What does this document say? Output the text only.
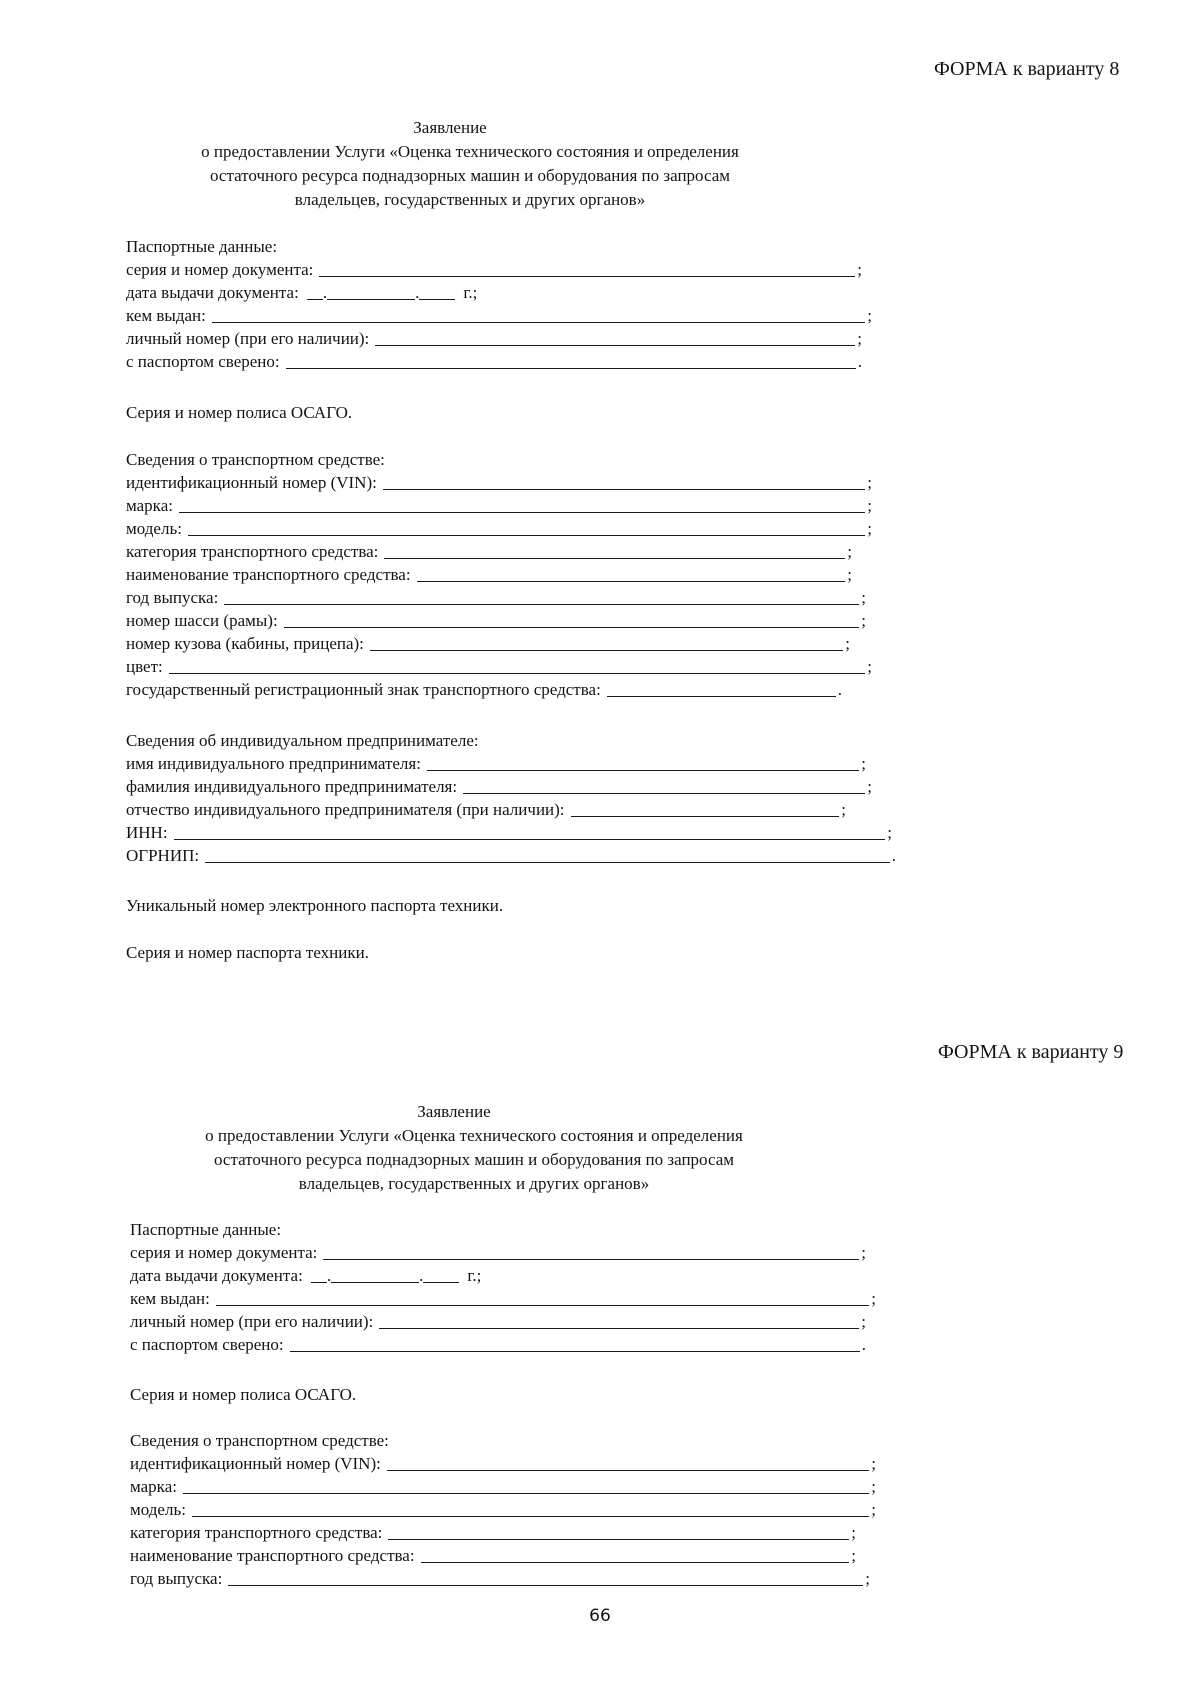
ФОРМА к варианту 8
Заявление
о предоставлении Услуги «Оценка технического состояния и определения
остаточного ресурса поднадзорных машин и оборудования по запросам
владельцев, государственных и других органов»
Паспортные данные:
серия и номер документа:	;
дата выдачи документа: .	.	г.;
кем выдан:	;
личный номер (при его наличии):	;
с паспортом сверено:	.
Серия и номер полиса ОСАГО.
Сведения о транспортном средстве:
идентификационный номер (VIN):	;
марка:	;
модель:	;
категория транспортного средства:	;
наименование транспортного средства:	;
год выпуска:	;
номер шасси (рамы):	;
номер кузова (кабины, прицепа):	;
цвет:	;
государственный регистрационный знак транспортного средства:	.
Сведения об индивидуальном предпринимателе:
имя индивидуального предпринимателя:	;
фамилия индивидуального предпринимателя:	;
отчество индивидуального предпринимателя (при наличии):	;
ИНН:	;
ОГРНИП:	.
Уникальный номер электронного паспорта техники.
Серия и номер паспорта техники.
ФОРМА к варианту 9
Заявление
о предоставлении Услуги «Оценка технического состояния и определения
остаточного ресурса поднадзорных машин и оборудования по запросам
владельцев, государственных и других органов»
Паспортные данные:
серия и номер документа:	;
дата выдачи документа: .	.	г.;
кем выдан:	;
личный номер (при его наличии):	;
с паспортом сверено:	.
Серия и номер полиса ОСАГО.
Сведения о транспортном средстве:
идентификационный номер (VIN):	;
марка:	;
модель:	;
категория транспортного средства:	;
наименование транспортного средства:	;
год выпуска:	;
66
